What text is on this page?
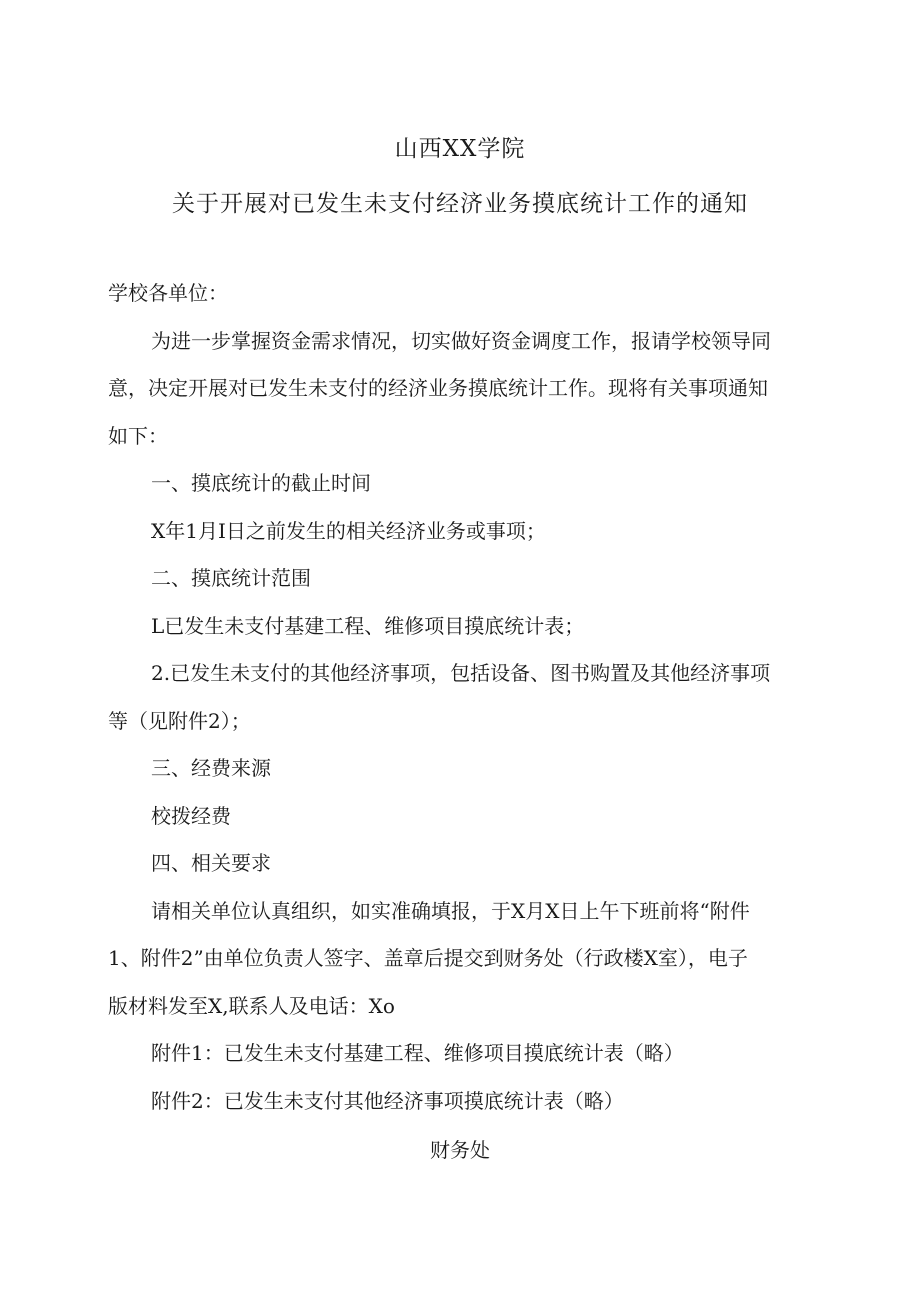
山西XX学院
关于开展对已发生未支付经济业务摸底统计工作的通知

学校各单位：

为进一步掌握资金需求情况，切实做好资金调度工作，报请学校领导同

意，决定开展对已发生未支付的经济业务摸底统计工作。现将有关事项通知

如下：

一、摸底统计的截止时间

X年1月I日之前发生的相关经济业务或事项；

二、摸底统计范围

L已发生未支付基建工程、维修项目摸底统计表；

2.已发生未支付的其他经济事项，包括设备、图书购置及其他经济事项

等（见附件2）；

三、经费来源

校拨经费

四、相关要求

请相关单位认真组织，如实准确填报，于X月X日上午下班前将“附件

1、附件2”由单位负责人签字、盖章后提交到财务处（行政楼X室），电子

版材料发至X,联系人及电话：Xo

附件1：已发生未支付基建工程、维修项目摸底统计表（略）

附件2：已发生未支付其他经济事项摸底统计表（略）

财务处
